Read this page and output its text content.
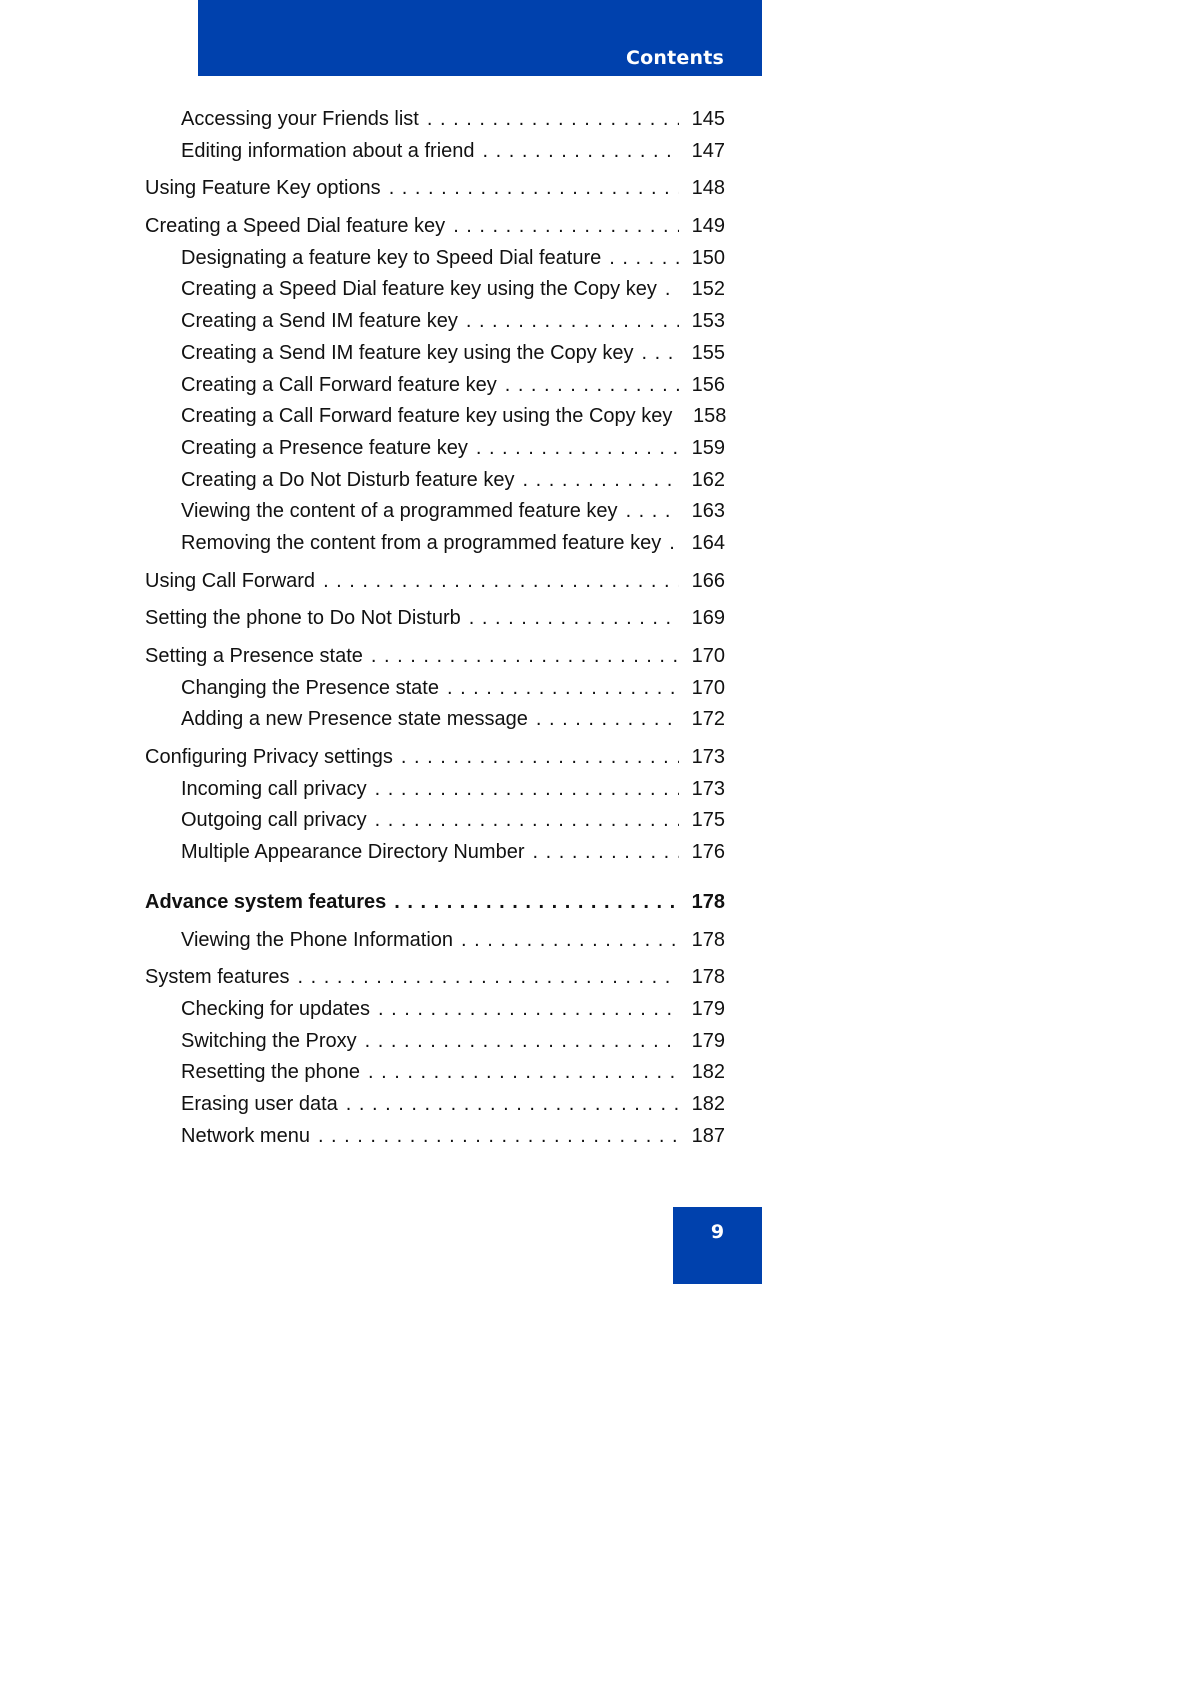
Contents
Accessing your Friends list . . .	145
Editing information about a friend . . .	147
Using Feature Key options . . .	148
Creating a Speed Dial feature key . . .	149
Designating a feature key to Speed Dial feature . . .	150
Creating a Speed Dial feature key using the Copy key . . .	152
Creating a Send IM feature key . . .	153
Creating a Send IM feature key using the Copy key . . .	155
Creating a Call Forward feature key . . .	156
Creating a Call Forward feature key using the Copy key	158
Creating a Presence feature key . . .	159
Creating a Do Not Disturb feature key . . .	162
Viewing the content of a programmed feature key . . .	163
Removing the content from a programmed feature key . . .	164
Using Call Forward . . .	166
Setting the phone to Do Not Disturb . . .	169
Setting a Presence state . . .	170
Changing the Presence state . . .	170
Adding a new Presence state message . . .	172
Configuring Privacy settings . . .	173
Incoming call privacy . . .	173
Outgoing call privacy . . .	175
Multiple Appearance Directory Number . . .	176
Advance system features . . .	178
Viewing the Phone Information . . .	178
System features . . .	178
Checking for updates . . .	179
Switching the Proxy . . .	179
Resetting the phone . . .	182
Erasing user data . . .	182
Network menu . . .	187
9
